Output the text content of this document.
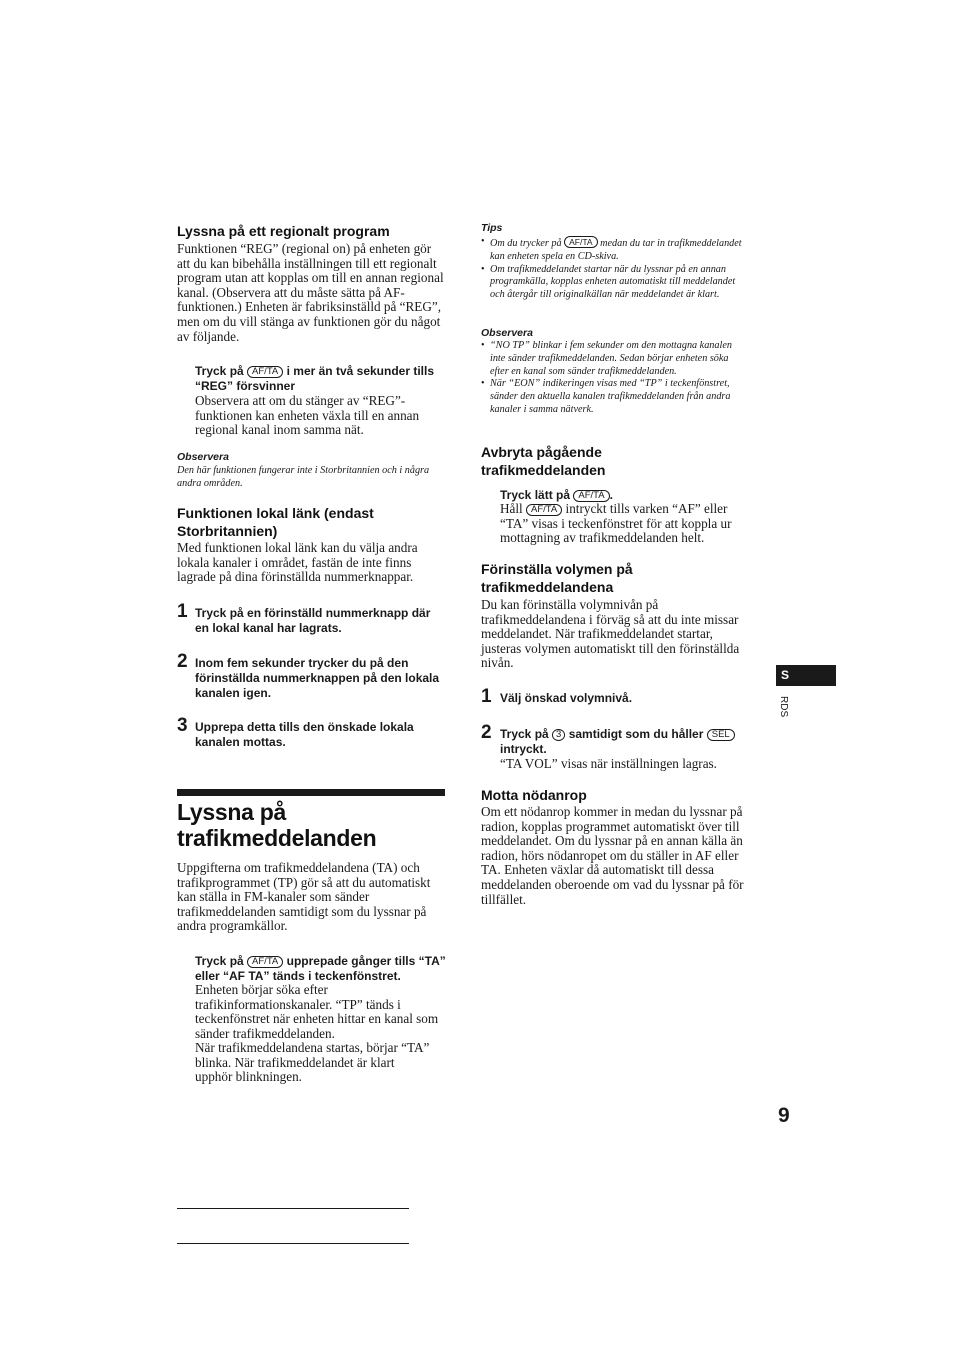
Lyssna på ett regionalt program

Funktionen “REG” (regional on) på enheten gör att du kan bibehålla inställningen till ett regionalt program utan att kopplas om till en annan regional kanal. (Observera att du måste sätta på AF-funktionen.) Enheten är fabriksinställd på “REG”, men om du vill stänga av funktionen gör du något av följande.

Tryck på AF/TA i mer än två sekunder tills “REG” försvinner

Observera att om du stänger av “REG”-funktionen kan enheten växla till en annan regional kanal inom samma nät.

Observera

Den här funktionen fungerar inte i Storbritannien och i några andra områden.

Funktionen lokal länk (endast Storbritannien)

Med funktionen lokal länk kan du välja andra lokala kanaler i området, fastän de inte finns lagrade på dina förinställda nummerknappar.

1 Tryck på en förinställd nummerknapp där en lokal kanal har lagrats.
2 Inom fem sekunder trycker du på den förinställda nummerknappen på den lokala kanalen igen.
3 Upprepa detta tills den önskade lokala kanalen mottas.
Lyssna på trafikmeddelanden

Uppgifterna om trafikmeddelandena (TA) och trafikprogrammet (TP) gör så att du automatiskt kan ställa in FM-kanaler som sänder trafikmeddelanden samtidigt som du lyssnar på andra programkällor.

Tryck på AF/TA upprepade gånger tills “TA” eller “AF TA” tänds i teckenfönstret.

Enheten börjar söka efter trafikinformationskanaler. “TP” tänds i teckenfönstret när enheten hittar en kanal som sänder trafikmeddelanden.

När trafikmeddelandena startas, börjar “TA” blinka. När trafikmeddelandet är klart upphör blinkningen.

Tips

• Om du trycker på AF/TA medan du tar in trafikmeddelandet kan enheten spela en CD-skiva.

• Om trafikmeddelandet startar när du lyssnar på en annan programkälla, kopplas enheten automatiskt till meddelandet och återgår till originalkällan när meddelandet är klart.

Observera

• “NO TP” blinkar i fem sekunder om den mottagna kanalen inte sänder trafikmeddelanden. Sedan börjar enheten söka efter en kanal som sänder trafikmeddelanden.

• När “EON” indikeringen visas med “TP” i teckenfönstret, sänder den aktuella kanalen trafikmeddelanden från andra kanaler i samma nätverk.

Avbryta pågående trafikmeddelanden
Tryck lätt på AF/TA .

Håll AF/TA intryckt tills varken “AF” eller “TA” visas i teckenfönstret för att koppla ur mottagning av trafikmeddelanden helt.

Förinställa volymen på trafikmeddelandena

Du kan förinställa volymnivån på trafikmeddelandena i förväg så att du inte missar meddelandet. När trafikmeddelandet startar, justeras volymen automatiskt till den förinställda nivån.

1 Välj önskad volymnivå.
2 Tryck på 3 samtidigt som du håller SEL intryckt.

“TA VOL” visas när inställningen lagras.

Motta nödanrop

Om ett nödanrop kommer in medan du lyssnar på radion, kopplas programmet automatiskt över till meddelandet. Om du lyssnar på en annan källa än radion, hörs nödanropet om du ställer in AF eller TA. Enheten växlar då automatiskt till dessa meddelanden oberoende om vad du lyssnar på för tillfället.

S
RDS
9
